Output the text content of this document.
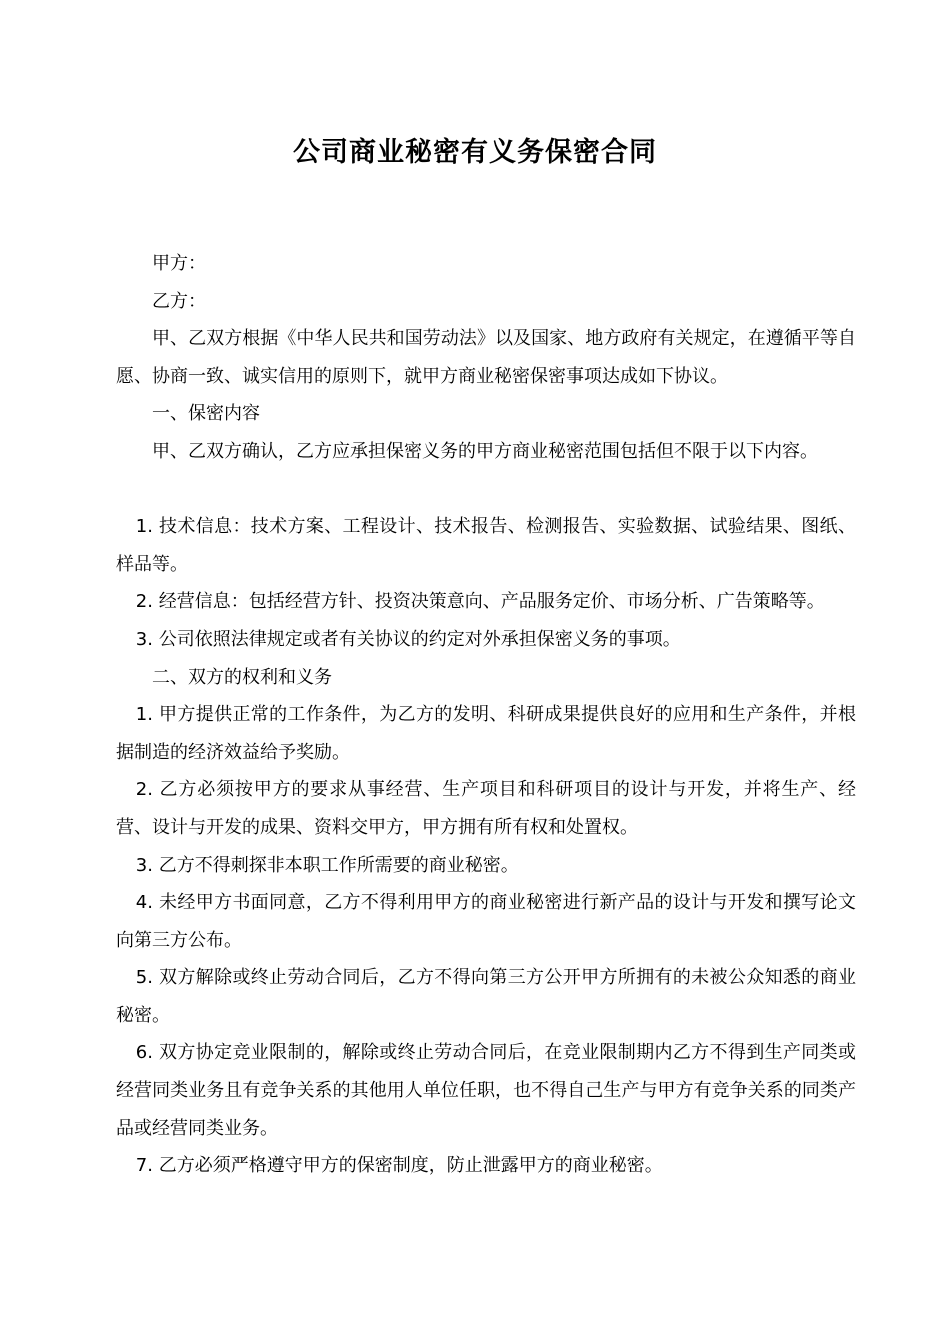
公司商业秘密有义务保密合同

甲方：

乙方：

甲、乙双方根据《中华人民共和国劳动法》以及国家、地方政府有关规定，在遵循平等自愿、协商一致、诚实信用的原则下，就甲方商业秘密保密事项达成如下协议。

一、保密内容

甲、乙双方确认，乙方应承担保密义务的甲方商业秘密范围包括但不限于以下内容。

1. 技术信息：技术方案、工程设计、技术报告、检测报告、实验数据、试验结果、图纸、样品等。

2. 经营信息：包括经营方针、投资决策意向、产品服务定价、市场分析、广告策略等。

3. 公司依照法律规定或者有关协议的约定对外承担保密义务的事项。

二、双方的权利和义务

1. 甲方提供正常的工作条件，为乙方的发明、科研成果提供良好的应用和生产条件，并根据制造的经济效益给予奖励。

2. 乙方必须按甲方的要求从事经营、生产项目和科研项目的设计与开发，并将生产、经营、设计与开发的成果、资料交甲方，甲方拥有所有权和处置权。

3. 乙方不得刺探非本职工作所需要的商业秘密。

4. 未经甲方书面同意，乙方不得利用甲方的商业秘密进行新产品的设计与开发和撰写论文向第三方公布。

5. 双方解除或终止劳动合同后，乙方不得向第三方公开甲方所拥有的未被公众知悉的商业秘密。

6. 双方协定竞业限制的，解除或终止劳动合同后，在竞业限制期内乙方不得到生产同类或经营同类业务且有竞争关系的其他用人单位任职，也不得自己生产与甲方有竞争关系的同类产品或经营同类业务。

7. 乙方必须严格遵守甲方的保密制度，防止泄露甲方的商业秘密。
